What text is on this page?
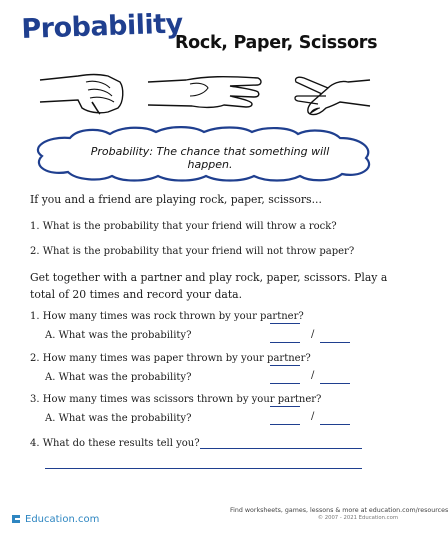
Probability
Rock, Paper, Scissors
Probability: The chance that something will happen.
If you and a friend are playing rock, paper, scissors...
1. What is the probability that your friend will throw a rock?
2. What is the probability that your friend will not throw paper?
Get together with a partner and play rock, paper, scissors. Play a total of 20 times and record your data.
1. How many times was rock thrown by your partner?
A. What was the probability?	/
2. How many times was paper thrown by your partner?
A. What was the probability?	/
3. How many times was scissors thrown by your partner?
A. What was the probability?	/
4. What do these results tell you?
Education.com
Find worksheets, games, lessons & more at education.com/resources
© 2007 - 2021 Education.com
